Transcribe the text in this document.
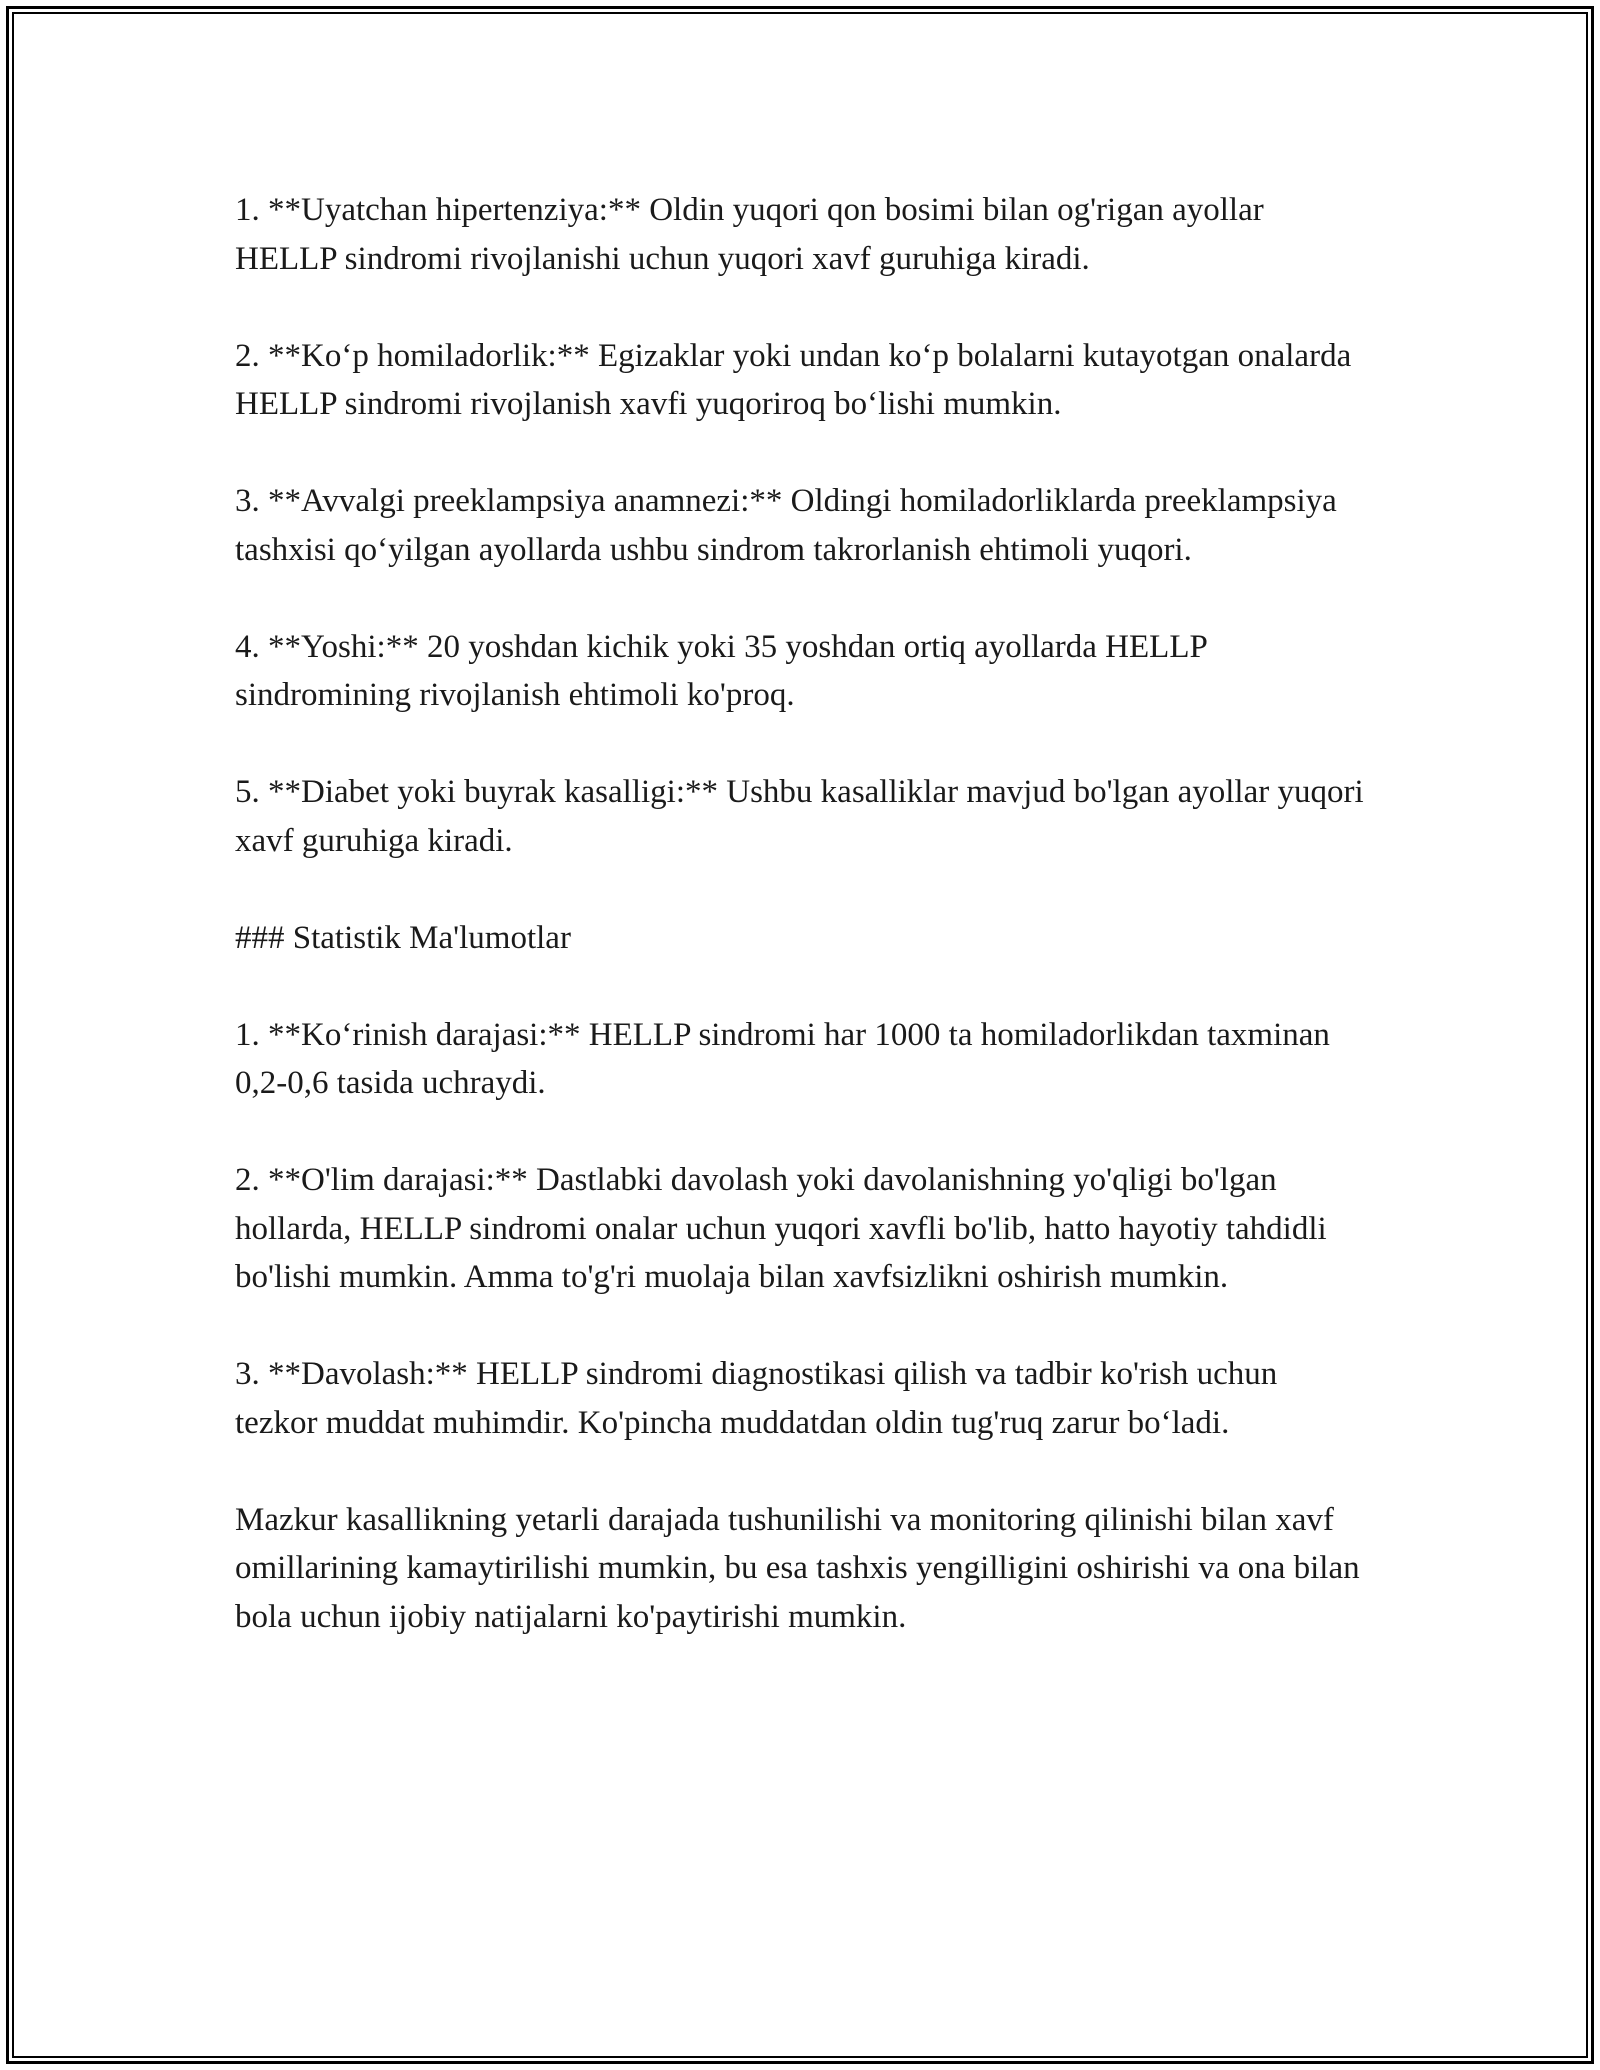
1. **Uyatchan hipertenziya:** Oldin yuqori qon bosimi bilan og'rigan ayollar HELLP sindromi rivojlanishi uchun yuqori xavf guruhiga kiradi.

2. **Ko‘p homiladorlik:** Egizaklar yoki undan ko‘p bolalarni kutayotgan onalarda HELLP sindromi rivojlanish xavfi yuqoriroq bo‘lishi mumkin.

3. **Avvalgi preeklampsiya anamnezi:** Oldingi homiladorliklarda preeklampsiya tashxisi qo‘yilgan ayollarda ushbu sindrom takrorlanish ehtimoli yuqori.

4. **Yoshi:** 20 yoshdan kichik yoki 35 yoshdan ortiq ayollarda HELLP sindromining rivojlanish ehtimoli ko'proq.

5. **Diabet yoki buyrak kasalligi:** Ushbu kasalliklar mavjud bo'lgan ayollar yuqori xavf guruhiga kiradi.

### Statistik Ma'lumotlar

1. **Ko‘rinish darajasi:** HELLP sindromi har 1000 ta homiladorlikdan taxminan 0,2-0,6 tasida uchraydi.

2. **O'lim darajasi:** Dastlabki davolash yoki davolanishning yo'qligi bo'lgan hollarda, HELLP sindromi onalar uchun yuqori xavfli bo'lib, hatto hayotiy tahdidli bo'lishi mumkin. Amma to'g'ri muolaja bilan xavfsizlikni oshirish mumkin.

3. **Davolash:** HELLP sindromi diagnostikasi qilish va tadbir ko'rish uchun tezkor muddat muhimdir. Ko'pincha muddatdan oldin tug'ruq zarur bo‘ladi.

Mazkur kasallikning yetarli darajada tushunilishi va monitoring qilinishi bilan xavf omillarining kamaytirilishi mumkin, bu esa tashxis yengilligini oshirishi va ona bilan bola uchun ijobiy natijalarni ko'paytirishi mumkin.
